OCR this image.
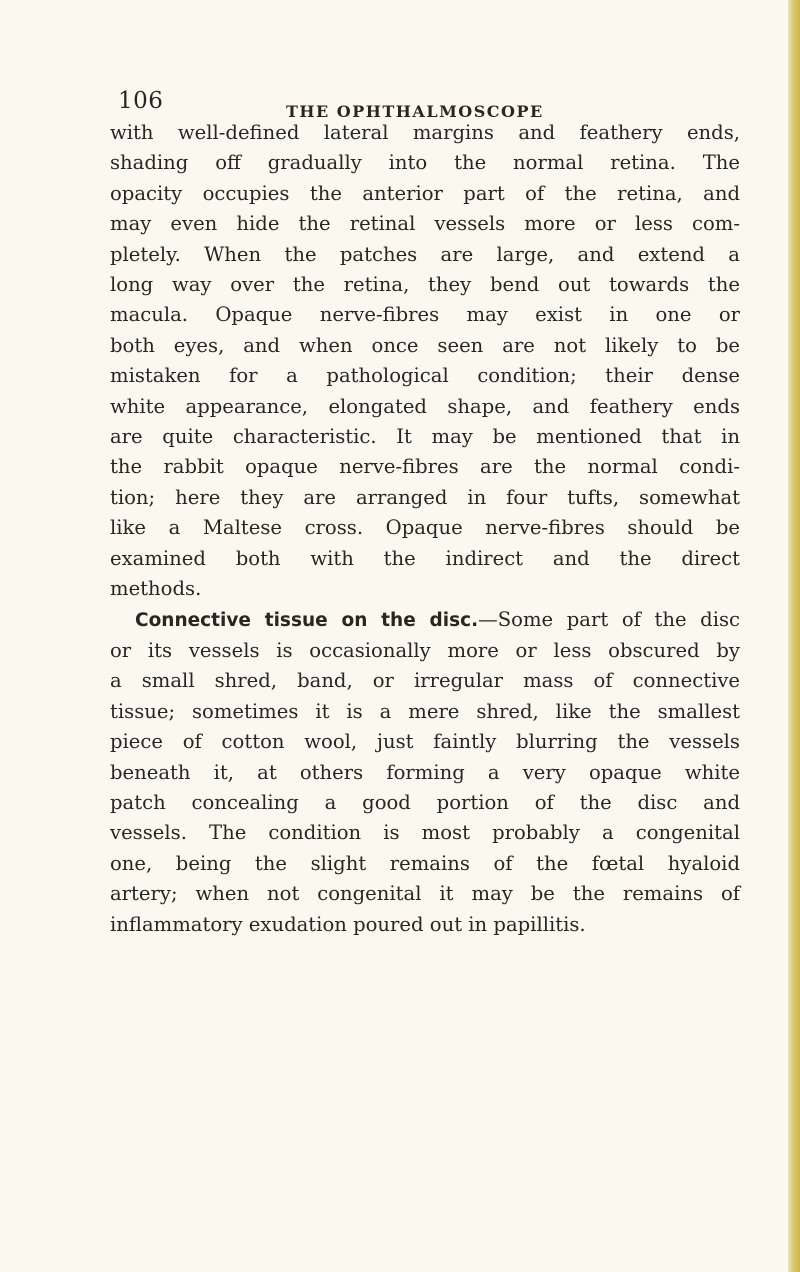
106	THE OPHTHALMOSCOPE
with well-defined lateral margins and feathery ends,
shading off gradually into the normal retina. The
opacity occupies the anterior part of the retina, and
may even hide the retinal vessels more or less com-
pletely. When the patches are large, and extend a
long way over the retina, they bend out towards the
macula. Opaque nerve-fibres may exist in one or
both eyes, and when once seen are not likely to be
mistaken for a pathological condition; their dense
white appearance, elongated shape, and feathery ends
are quite characteristic. It may be mentioned that in
the rabbit opaque nerve-fibres are the normal condi-
tion; here they are arranged in four tufts, somewhat
like a Maltese cross. Opaque nerve-fibres should be
examined both with the indirect and the direct
methods.
Connective tissue on the disc.—Some part of the disc
or its vessels is occasionally more or less obscured by
a small shred, band, or irregular mass of connective
tissue; sometimes it is a mere shred, like the smallest
piece of cotton wool, just faintly blurring the vessels
beneath it, at others forming a very opaque white
patch concealing a good portion of the disc and
vessels. The condition is most probably a congenital
one, being the slight remains of the fœtal hyaloid
artery; when not congenital it may be the remains of
inflammatory exudation poured out in papillitis.
